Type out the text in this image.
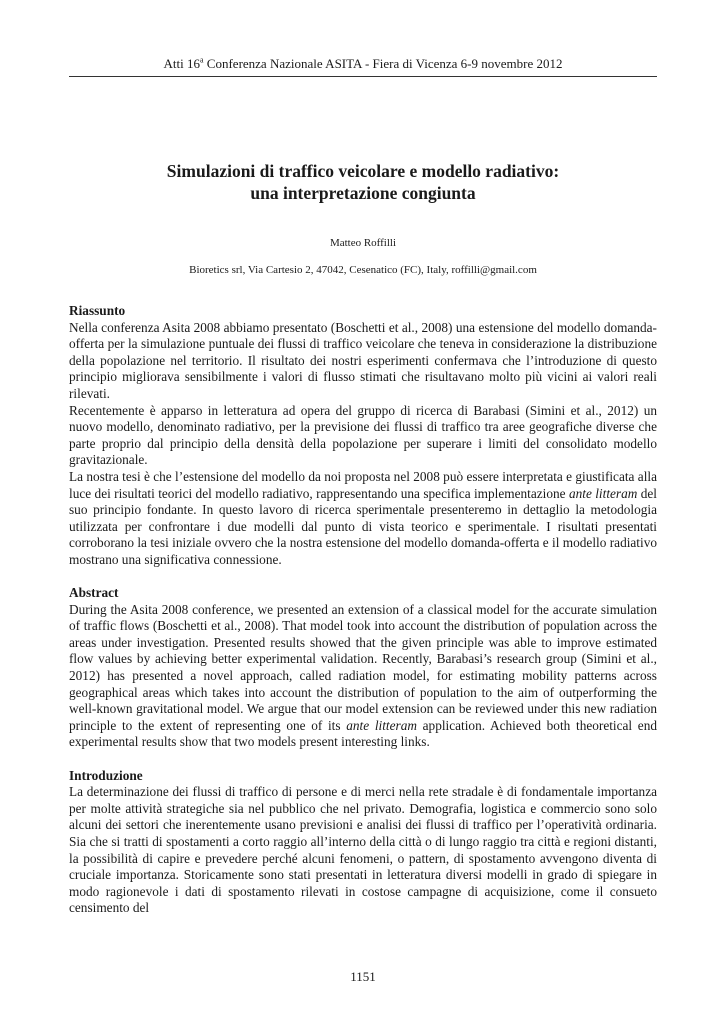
Atti 16$^a$ Conferenza Nazionale ASITA - Fiera di Vicenza 6-9 novembre 2012
Simulazioni di traffico veicolare e modello radiativo:
una interpretazione congiunta
Matteo Roffilli
Bioretics srl, Via Cartesio 2, 47042, Cesenatico (FC), Italy, roffilli@gmail.com
Riassunto
Nella conferenza Asita 2008 abbiamo presentato (Boschetti et al., 2008) una estensione del modello domanda-offerta per la simulazione puntuale dei flussi di traffico veicolare che teneva in considerazione la distribuzione della popolazione nel territorio. Il risultato dei nostri esperimenti confermava che l’introduzione di questo principio migliorava sensibilmente i valori di flusso stimati che risultavano molto più vicini ai valori reali rilevati.
Recentemente è apparso in letteratura ad opera del gruppo di ricerca di Barabasi (Simini et al., 2012) un nuovo modello, denominato radiativo, per la previsione dei flussi di traffico tra aree geografiche diverse che parte proprio dal principio della densità della popolazione per superare i limiti del consolidato modello gravitazionale.
La nostra tesi è che l’estensione del modello da noi proposta nel 2008 può essere interpretata e giustificata alla luce dei risultati teorici del modello radiativo, rappresentando una specifica implementazione ante litteram del suo principio fondante. In questo lavoro di ricerca sperimentale presenteremo in dettaglio la metodologia utilizzata per confrontare i due modelli dal punto di vista teorico e sperimentale. I risultati presentati corroborano la tesi iniziale ovvero che la nostra estensione del modello domanda-offerta e il modello radiativo mostrano una significativa connessione.
Abstract
During the Asita 2008 conference, we presented an extension of a classical model for the accurate simulation of traffic flows (Boschetti et al., 2008). That model took into account the distribution of population across the areas under investigation. Presented results showed that the given principle was able to improve estimated flow values by achieving better experimental validation. Recently, Barabasi’s research group (Simini et al., 2012) has presented a novel approach, called radiation model, for estimating mobility patterns across geographical areas which takes into account the distribution of population to the aim of outperforming the well-known gravitational model. We argue that our model extension can be reviewed under this new radiation principle to the extent of representing one of its ante litteram application. Achieved both theoretical end experimental results show that two models present interesting links.
Introduzione
La determinazione dei flussi di traffico di persone e di merci nella rete stradale è di fondamentale importanza per molte attività strategiche sia nel pubblico che nel privato. Demografia, logistica e commercio sono solo alcuni dei settori che inerentemente usano previsioni e analisi dei flussi di traffico per l’operatività ordinaria. Sia che si tratti di spostamenti a corto raggio all’interno della città o di lungo raggio tra città e regioni distanti, la possibilità di capire e prevedere perché alcuni fenomeni, o pattern, di spostamento avvengono diventa di cruciale importanza. Storicamente sono stati presentati in letteratura diversi modelli in grado di spiegare in modo ragionevole i dati di spostamento rilevati in costose campagne di acquisizione, come il consueto censimento del
1151
